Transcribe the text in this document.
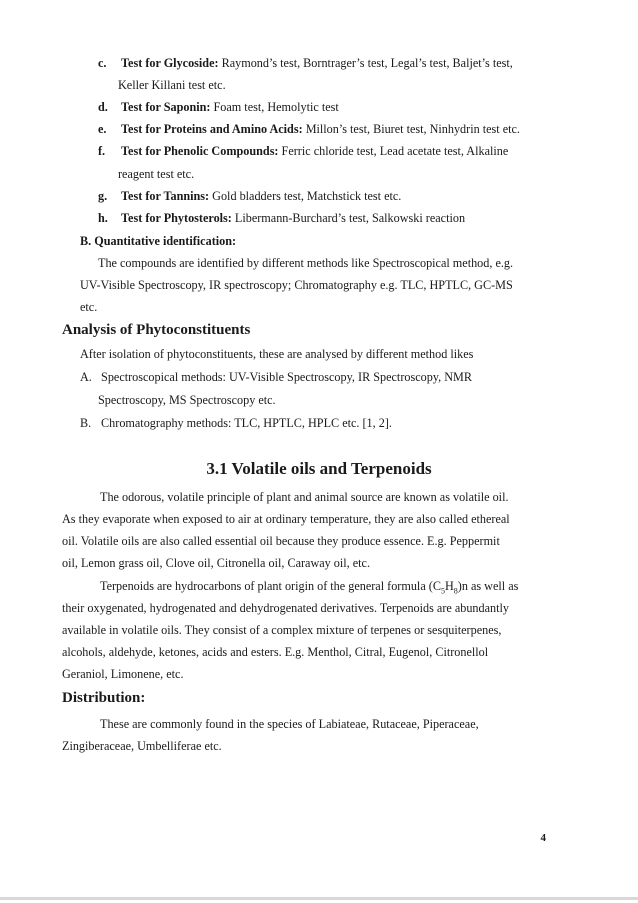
c. Test for Glycoside: Raymond’s test, Borntrager’s test, Legal’s test, Baljet’s test,
Keller Killani test etc.
d. Test for Saponin: Foam test, Hemolytic test
e. Test for Proteins and Amino Acids: Millon’s test, Biuret test, Ninhydrin test etc.
f. Test for Phenolic Compounds: Ferric chloride test, Lead acetate test, Alkaline
reagent test etc.
g. Test for Tannins: Gold bladders test, Matchstick test etc.
h. Test for Phytosterols: Libermann-Burchard’s test, Salkowski reaction
B. Quantitative identification:
The compounds are identified by different methods like Spectroscopical method, e.g.
UV-Visible Spectroscopy, IR spectroscopy; Chromatography e.g. TLC, HPTLC, GC-MS
etc.
Analysis of Phytoconstituents
After isolation of phytoconstituents, these are analysed by different method likes
A. Spectroscopical methods: UV-Visible Spectroscopy, IR Spectroscopy, NMR
Spectroscopy, MS Spectroscopy etc.
B. Chromatography methods: TLC, HPTLC, HPLC etc. [1, 2].
3.1 Volatile oils and Terpenoids
The odorous, volatile principle of plant and animal source are known as volatile oil.
As they evaporate when exposed to air at ordinary temperature, they are also called ethereal
oil. Volatile oils are also called essential oil because they produce essence. E.g. Peppermit
oil, Lemon grass oil, Clove oil, Citronella oil, Caraway oil, etc.
Terpenoids are hydrocarbons of plant origin of the general formula $(C_5H_8)n$ as well as
their oxygenated, hydrogenated and dehydrogenated derivatives. Terpenoids are abundantly
available in volatile oils. They consist of a complex mixture of terpenes or sesquiterpenes,
alcohols, aldehyde, ketones, acids and esters. E.g. Menthol, Citral, Eugenol, Citronellol
Geraniol, Limonene, etc.
Distribution:
These are commonly found in the species of Labiateae, Rutaceae, Piperaceae,
Zingiberaceae, Umbelliferae etc.
4
